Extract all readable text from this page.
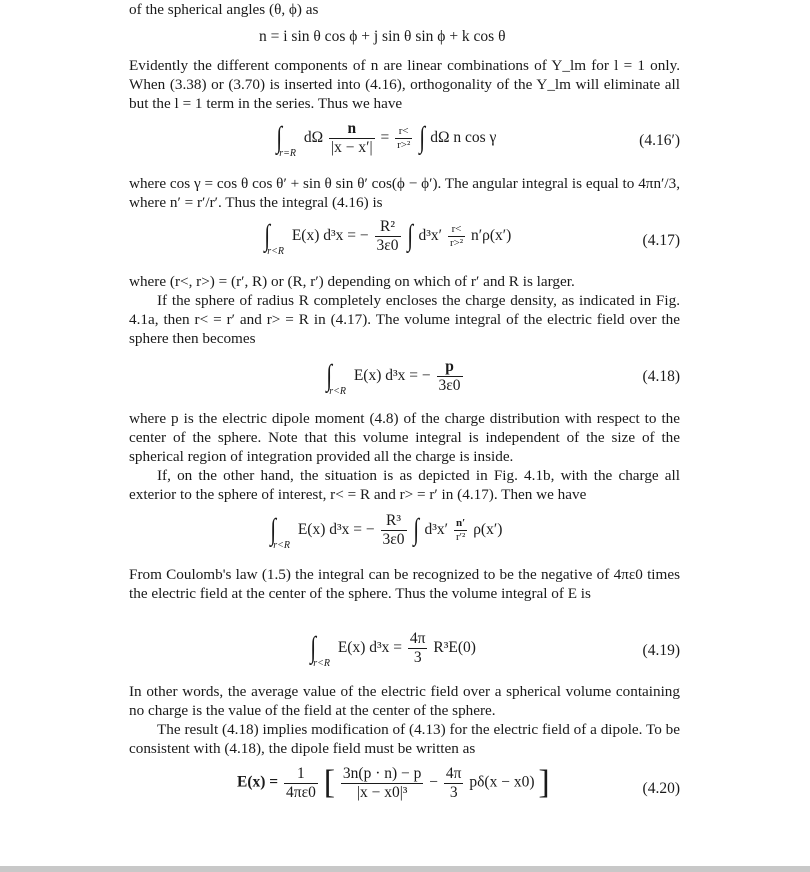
of the spherical angles (θ, ϕ) as

n = i sin θ cos ϕ + j sin θ sin ϕ + k cos θ

Evidently the different components of n are linear combinations of Y_lm for l = 1 only. When (3.38) or (3.70) is inserted into (4.16), orthogonality of the Y_lm will eliminate all but the l = 1 term in the series. Thus we have

$\int_{r=R}$ dΩ $\frac{n}{|x - x'|} = \frac{r<}{\text{r>²}}$ ∫ dΩ n cos γ	(4.16′)

where cos γ = cos θ cos θ′ + sin θ sin θ′ cos(ϕ − ϕ′). The angular integral is equal to 4πn′/3, where n′ = r′/r′. Thus the integral (4.16) is

$\int_{r<R}$ E(x) d³x = − $\frac{\text{R²}}{3\varepsilon 0}$ ∫ $d^3x' \frac{r<}{\text{r>²}} n'\rho(x')$	(4.17)

where (r<, r>) = (r′, R) or (R, r′) depending on which of r′ and R is larger.

If the sphere of radius R completely encloses the charge density, as indicated in Fig. 4.1a, then r< = r′ and r> = R in (4.17). The volume integral of the electric field over the sphere then becomes

$\int_{r<R}$ E(x) d³x = − $\frac{p}{3\varepsilon 0}$	(4.18)

where p is the electric dipole moment (4.8) of the charge distribution with respect to the center of the sphere. Note that this volume integral is independent of the size of the spherical region of integration provided all the charge is inside.

If, on the other hand, the situation is as depicted in Fig. 4.1b, with the charge all exterior to the sphere of interest, r< = R and r> = r′ in (4.17). Then we have

$\int_{r<R}$ E(x) d³x = − $\frac{\text{R³}}{3\varepsilon 0}$ ∫ $d^3x' \frac{n'}{\text{r′²}} \rho(x')$

From Coulomb's law (1.5) the integral can be recognized to be the negative of 4πε0 times the electric field at the center of the sphere. Thus the volume integral of E is

$\int_{r<R}$ E(x) $d^3x = \frac{4\pi}{3} R^3E(0)$	(4.19)

In other words, the average value of the electric field over a spherical volume containing no charge is the value of the field at the center of the sphere.

The result (4.18) implies modification of (4.13) for the electric field of a dipole. To be consistent with (4.18), the dipole field must be written as

$E(x) = \frac{1}{4\pi\varepsilon 0}$ [ $\frac{3n(p \cdot n) - p}{\text{|x − x0|³}} - \frac{4\pi}{3} p\delta(x - x0)$ ]	(4.20)
